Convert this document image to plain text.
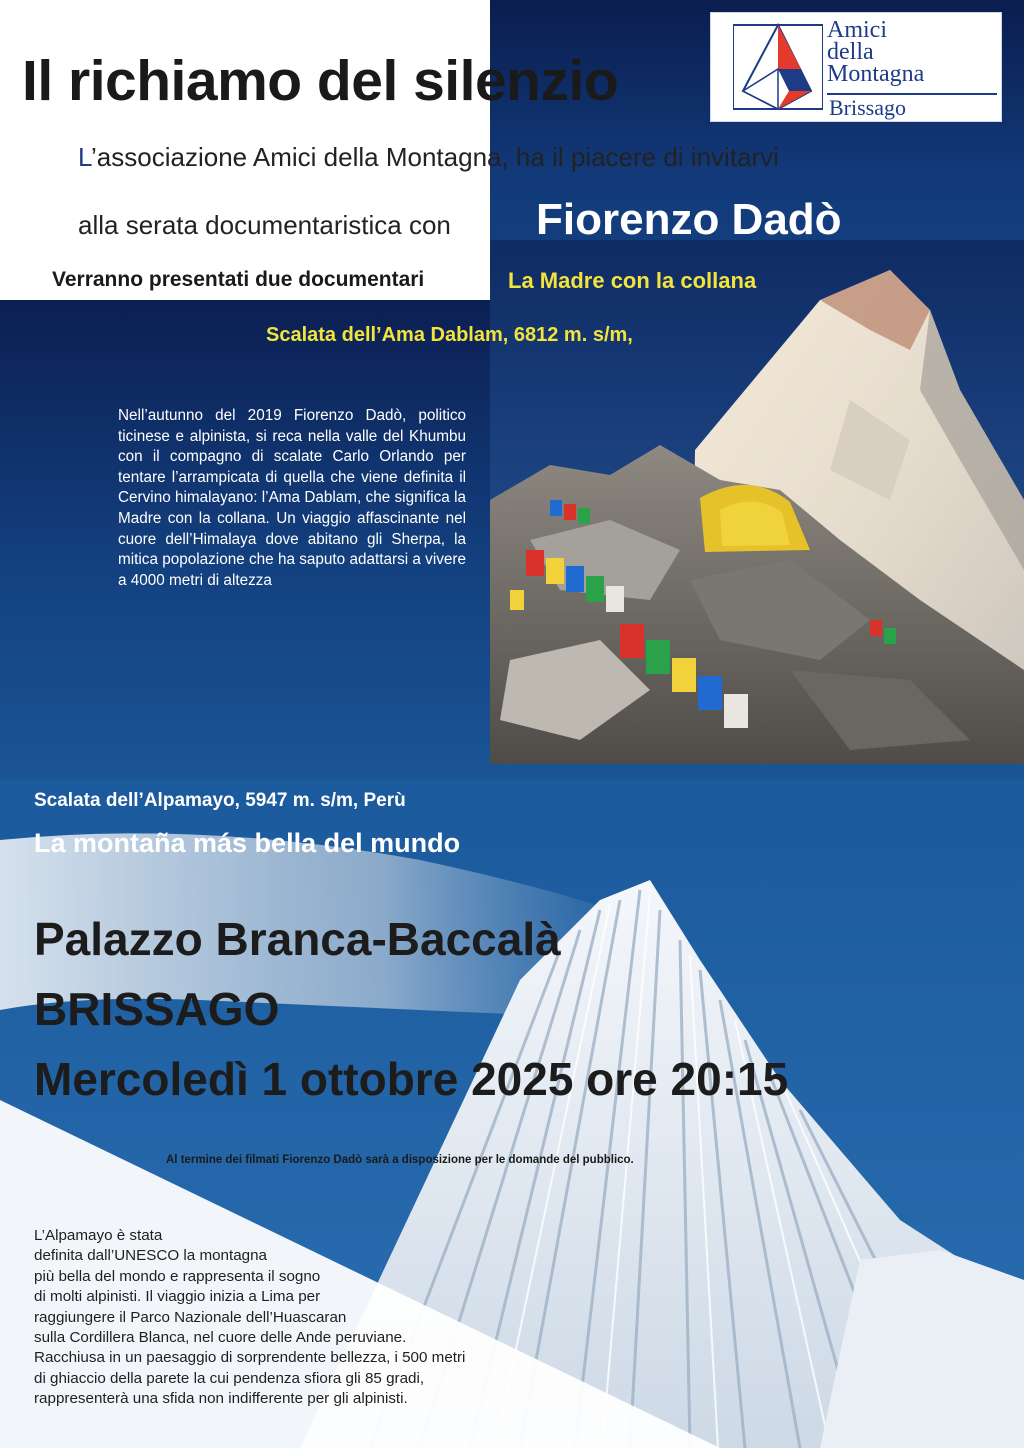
Amici
della
Montagna
Brissago
Il richiamo del silenzio
L’associazione Amici della Montagna, ha il piacere di invitarvi
alla serata documentaristica con Fiorenzo Dadò
Verranno presentati due documentari	La Madre con la collana
Scalata dell’Ama Dablam, 6812 m. s/m,
Nell’autunno del 2019 Fiorenzo Dadò, politico ticinese e alpinista, si reca nella valle del Khumbu con il compagno di scalate Carlo Orlando per tentare l’arrampicata di quella che viene definita il Cervino himalayano: l’Ama Dablam, che significa la Madre con la collana. Un viaggio affascinante nel cuore dell’Himalaya dove abitano gli Sherpa, la mitica popolazione che ha saputo adattarsi a vivere a 4000 metri di altezza
Scalata dell’Alpamayo, 5947 m. s/m, Perù
La montaña más bella del mundo
Palazzo Branca-Baccalà
BRISSAGO
Mercoledì 1 ottobre 2025 ore 20:15
Al termine dei filmati Fiorenzo Dadò sarà a disposizione per le domande del pubblico.
L’Alpamayo è stata
definita dall’UNESCO la montagna
più bella del mondo e rappresenta il sogno
di molti alpinisti. Il viaggio inizia a Lima per
raggiungere il Parco Nazionale dell’Huascaran
sulla Cordillera Blanca, nel cuore delle Ande peruviane.
Racchiusa in un paesaggio di sorprendente bellezza, i 500 metri
di ghiaccio della parete la cui pendenza sfiora gli 85 gradi,
rappresenterà una sfida non indifferente per gli alpinisti.
